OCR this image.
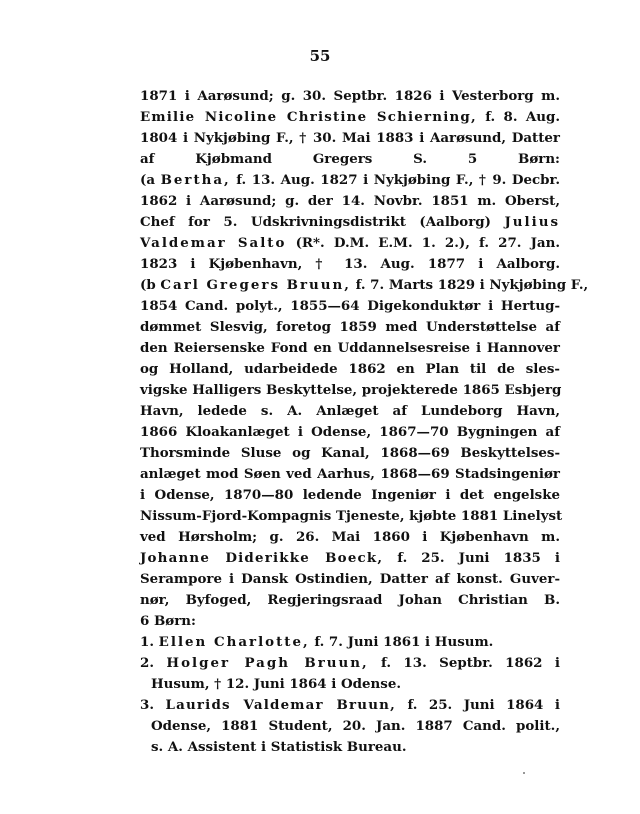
55
1871 i Aarøsund; g. 30. Septbr. 1826 i Vesterborg m.
Emilie Nicoline Christine Schierning, f. 8. Aug.
1804 i Nykjøbing F., † 30. Mai 1883 i Aarøsund, Datter
af Kjøbmand Gregers S. 5 Børn:
(a Bertha, f. 13. Aug. 1827 i Nykjøbing F., † 9. Decbr.
1862 i Aarøsund; g. der 14. Novbr. 1851 m. Oberst,
Chef for 5. Udskrivningsdistrikt (Aalborg) Julius
Valdemar Salto (R*. D.M. E.M. 1. 2.), f. 27. Jan.
1823 i Kjøbenhavn, † 13. Aug. 1877 i Aalborg.
(b Carl Gregers Bruun, f. 7. Marts 1829 i Nykjøbing F.,
1854 Cand. polyt., 1855—64 Digekonduktør i Hertug-
dømmet Slesvig, foretog 1859 med Understøttelse af
den Reiersenske Fond en Uddannelsesreise i Hannover
og Holland, udarbeidede 1862 en Plan til de sles-
vigske Halligers Beskyttelse, projekterede 1865 Esbjerg
Havn, ledede s. A. Anlæget af Lundeborg Havn,
1866 Kloakanlæget i Odense, 1867—70 Bygningen af
Thorsminde Sluse og Kanal, 1868—69 Beskyttelses-
anlæget mod Søen ved Aarhus, 1868—69 Stadsingeniør
i Odense, 1870—80 ledende Ingeniør i det engelske
Nissum-Fjord-Kompagnis Tjeneste, kjøbte 1881 Linelyst
ved Hørsholm; g. 26. Mai 1860 i Kjøbenhavn m.
Johanne Diderikke Boeck, f. 25. Juni 1835 i
Serampore i Dansk Ostindien, Datter af konst. Guver-
nør, Byfoged, Regjeringsraad Johan Christian B.
6 Børn:
1. Ellen Charlotte, f. 7. Juni 1861 i Husum.
2. Holger Pagh Bruun, f. 13. Septbr. 1862 i
Husum, † 12. Juni 1864 i Odense.
3. Laurids Valdemar Bruun, f. 25. Juni 1864 i
Odense, 1881 Student, 20. Jan. 1887 Cand. polit.,
s. A. Assistent i Statistisk Bureau.
